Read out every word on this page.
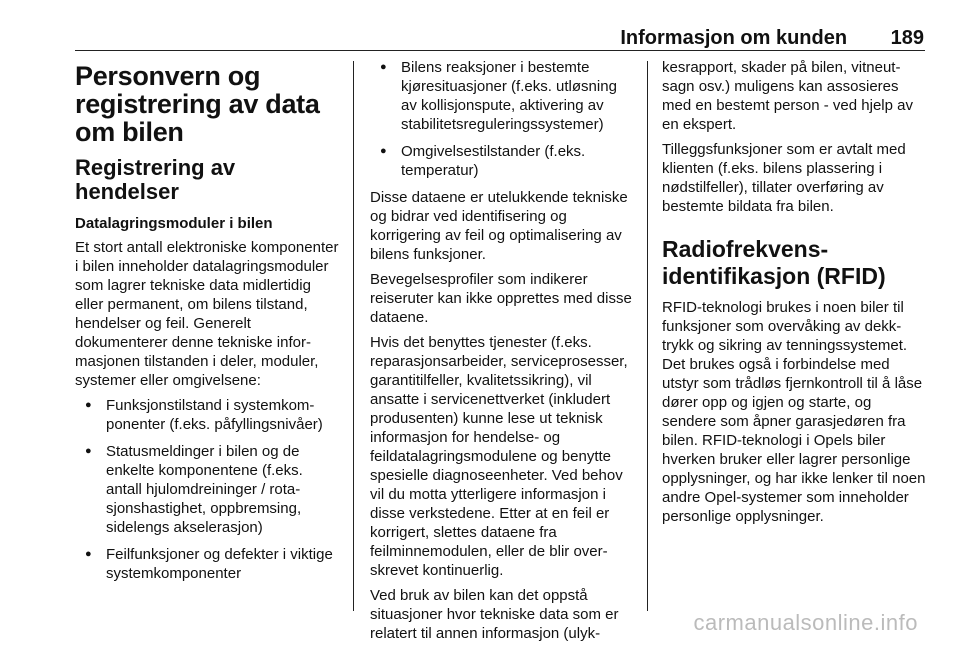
Informasjon om kunden 189
Personvern og registrering av data om bilen
Registrering av hendelser
Datalagringsmoduler i bilen

Et stort antall elektroniske komponenter i bilen inneholder datalagringsmoduler som lagrer tekniske data midlertidig eller permanent, om bilens tilstand, hendelser og feil. Generelt dokumenterer denne tekniske informasjonen tilstanden i deler, moduler, systemer eller omgivelsene:

● Funksjonstilstand i systemkomponenter (f.eks. påfyllingsnivåer)
● Statusmeldinger i bilen og de enkelte komponentene (f.eks. antall hjulomdreininger / rotasjonshastighet, oppbremsing, sidelengs akselerasjon)
● Feilfunksjoner og defekter i viktige systemkomponenter
● Bilens reaksjoner i bestemte kjøresituasjoner (f.eks. utløsning av kollisjonspute, aktivering av stabilitetsreguleringssystemer)
● Omgivelsestilstander (f.eks. temperatur)

Disse dataene er utelukkende tekniske og bidrar ved identifisering og korrigering av feil og optimalisering av bilens funksjoner.

Bevegelsesprofiler som indikerer reiseruter kan ikke opprettes med disse dataene.

Hvis det benyttes tjenester (f.eks. reparasjonsarbeider, serviceprosesser, garantitilfeller, kvalitetssikring), vil ansatte i servicenettverket (inkludert produsenten) kunne lese ut teknisk informasjon for hendelse- og feildatalagringsmodulene og benytte spesielle diagnoseenheter. Ved behov vil du motta ytterligere informasjon i disse verkstedene. Etter at en feil er korrigert, slettes dataene fra feilminnemodulen, eller de blir overskrevet kontinuerlig.

Ved bruk av bilen kan det oppstå situasjoner hvor tekniske data som er relatert til annen informasjon (ulyk-

kesrapport, skader på bilen, vitneutsagn osv.) muligens kan assosieres med en bestemt person - ved hjelp av en ekspert.

Tilleggsfunksjoner som er avtalt med klienten (f.eks. bilens plassering i nødstilfeller), tillater overføring av bestemte bildata fra bilen.

Radiofrekvens-identifikasjon (RFID)

RFID-teknologi brukes i noen biler til funksjoner som overvåking av dekktrykk og sikring av tenningssystemet. Det brukes også i forbindelse med utstyr som trådløs fjernkontroll til å låse dører opp og igjen og starte, og sendere som åpner garasjedøren fra bilen. RFID-teknologi i Opels biler hverken bruker eller lagrer personlige opplysninger, og har ikke lenker til noen andre Opel-systemer som inneholder personlige opplysninger.

carmanualsonline.info
